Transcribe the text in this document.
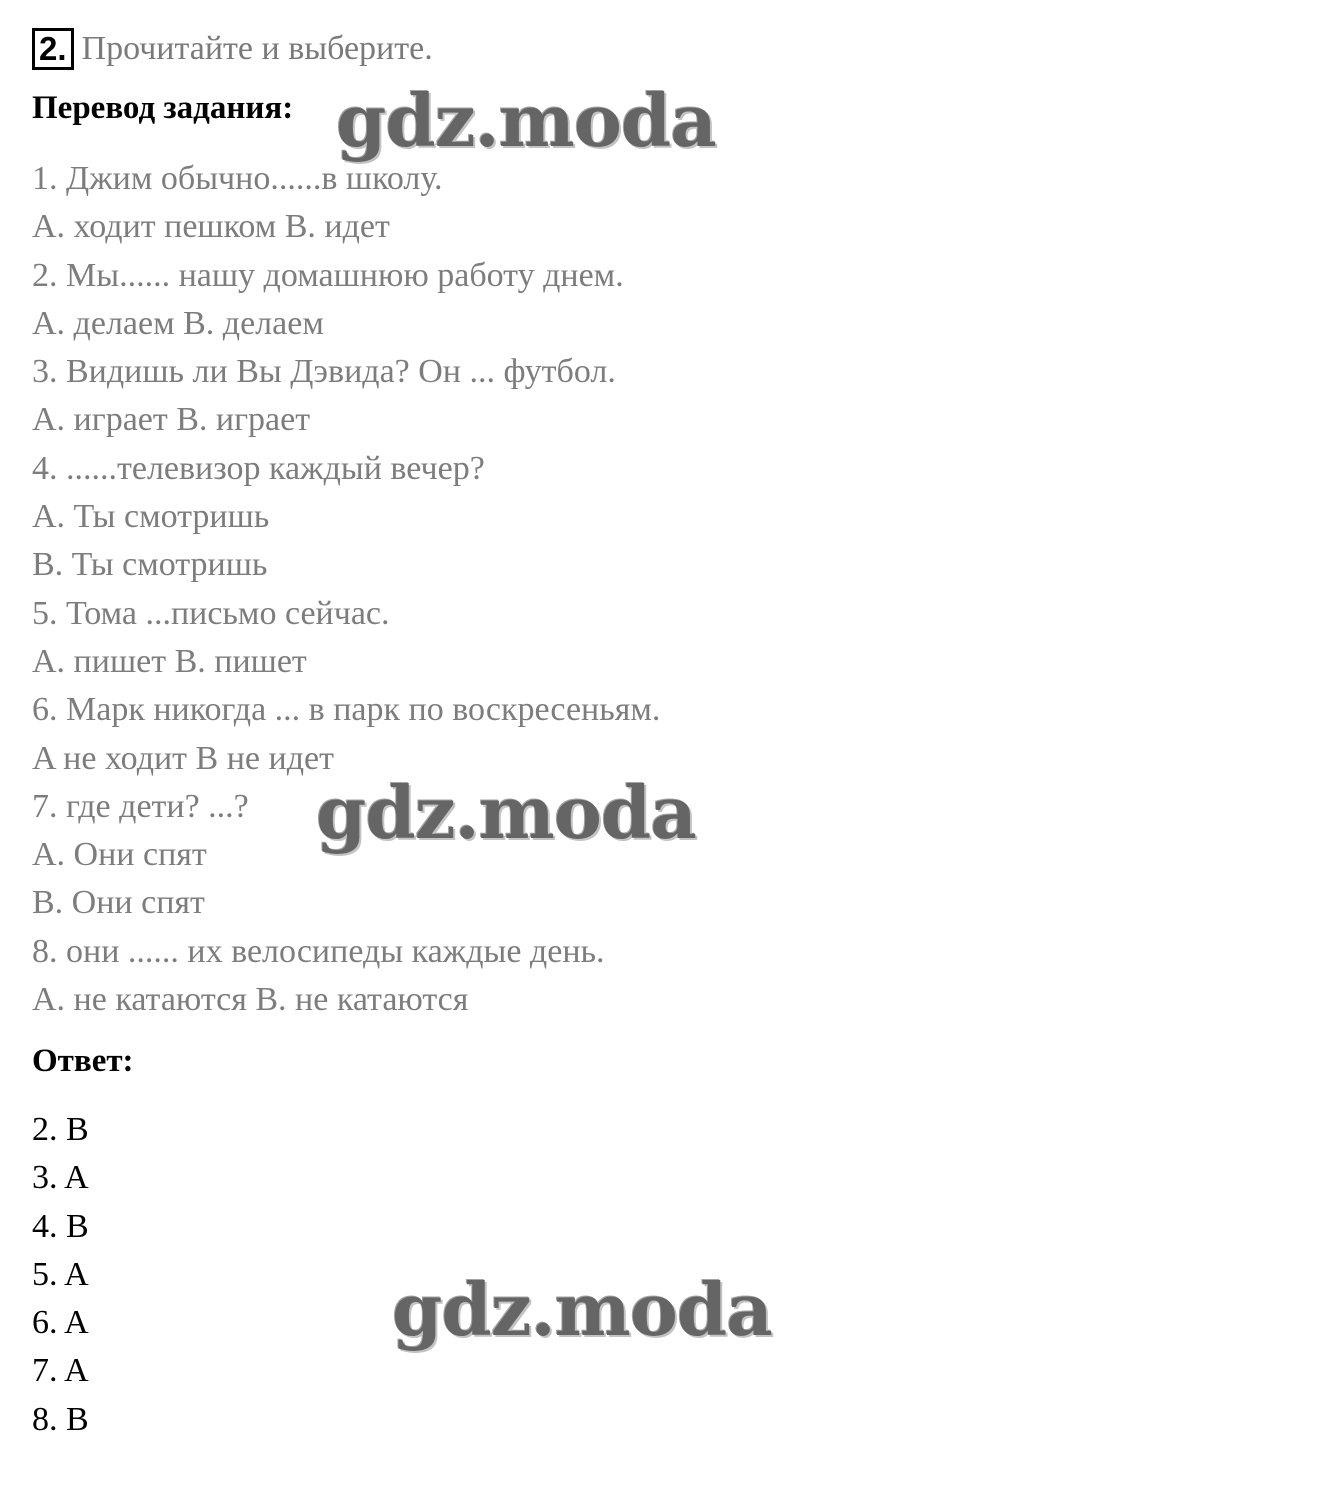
2. Прочитайте и выберите.
Перевод задания:
1. Джим обычно......в школу.
A. ходит пешком B. идет
2. Мы...... нашу домашнюю работу днем.
A. делаем B. делаем
3. Видишь ли Вы Дэвида? Он ... футбол.
A. играет B. играет
4. ......телевизор каждый вечер?
A. Ты смотришь
B. Ты смотришь
5. Тома ...письмо сейчас.
A. пишет B. пишет
6. Марк никогда ... в парк по воскресеньям.
A не ходит B не идет
7. где дети? ...?
A. Они спят
B. Они спят
8. они ...... их велосипеды каждые день.
A. не катаются B. не катаются
Ответ:
2. B
3. A
4. B
5. A
6. A
7. A
8. B
gdz.moda
gdz.moda
gdz.moda
